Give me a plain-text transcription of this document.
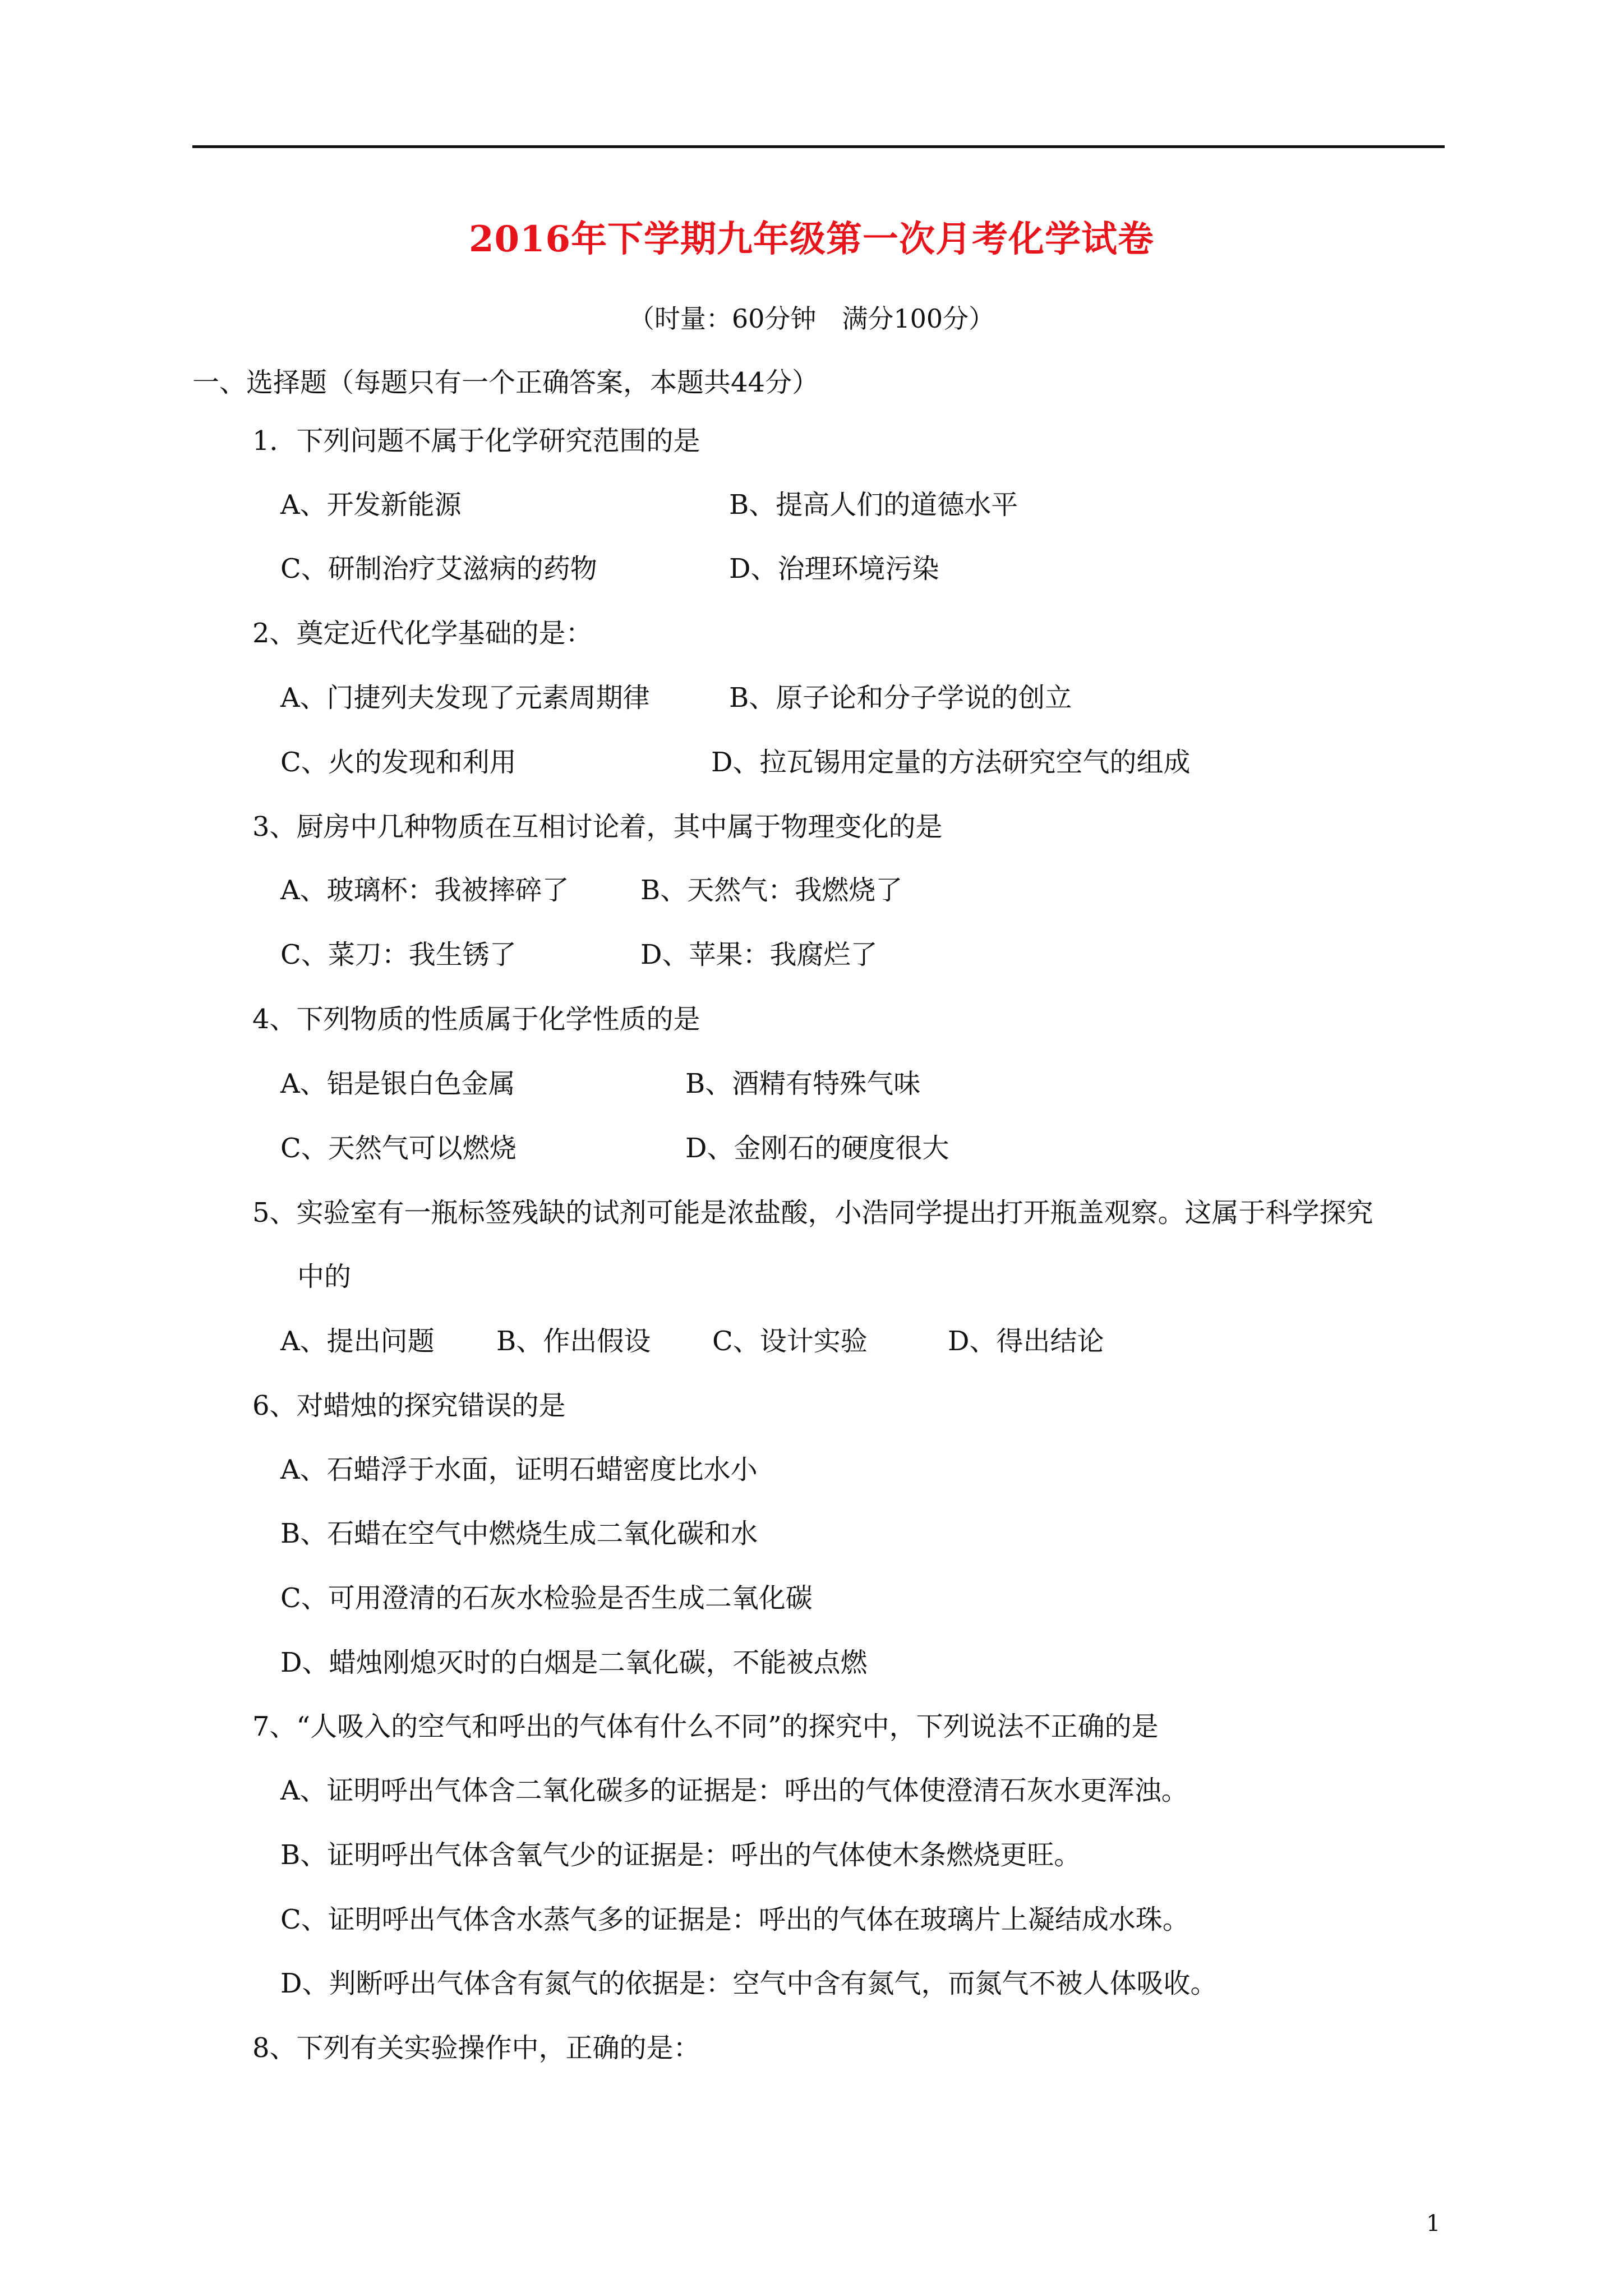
2016年下学期九年级第一次月考化学试卷
（时量：60分钟　满分100分）
一、选择题（每题只有一个正确答案，本题共44分）
1．下列问题不属于化学研究范围的是
A、开发新能源	B、提高人们的道德水平
C、研制治疗艾滋病的药物	D、治理环境污染
2、奠定近代化学基础的是：
A、门捷列夫发现了元素周期律	B、原子论和分子学说的创立
C、火的发现和利用	D、拉瓦锡用定量的方法研究空气的组成
3、厨房中几种物质在互相讨论着，其中属于物理变化的是
A、玻璃杯：我被摔碎了	B、天然气：我燃烧了
C、菜刀：我生锈了	D、苹果：我腐烂了
4、下列物质的性质属于化学性质的是
A、铝是银白色金属	B、酒精有特殊气味
C、天然气可以燃烧	D、金刚石的硬度很大
5、实验室有一瓶标签残缺的试剂可能是浓盐酸，小浩同学提出打开瓶盖观察。这属于科学探究
中的
A、提出问题 B、作出假设 C、设计实验	D、得出结论
6、对蜡烛的探究错误的是
A、石蜡浮于水面，证明石蜡密度比水小
B、石蜡在空气中燃烧生成二氧化碳和水
C、可用澄清的石灰水检验是否生成二氧化碳
D、蜡烛刚熄灭时的白烟是二氧化碳，不能被点燃
7、“人吸入的空气和呼出的气体有什么不同”的探究中，下列说法不正确的是
A、证明呼出气体含二氧化碳多的证据是：呼出的气体使澄清石灰水更浑浊。
B、证明呼出气体含氧气少的证据是：呼出的气体使木条燃烧更旺。
C、证明呼出气体含水蒸气多的证据是：呼出的气体在玻璃片上凝结成水珠。
D、判断呼出气体含有氮气的依据是：空气中含有氮气，而氮气不被人体吸收。
8、下列有关实验操作中，正确的是：
1
